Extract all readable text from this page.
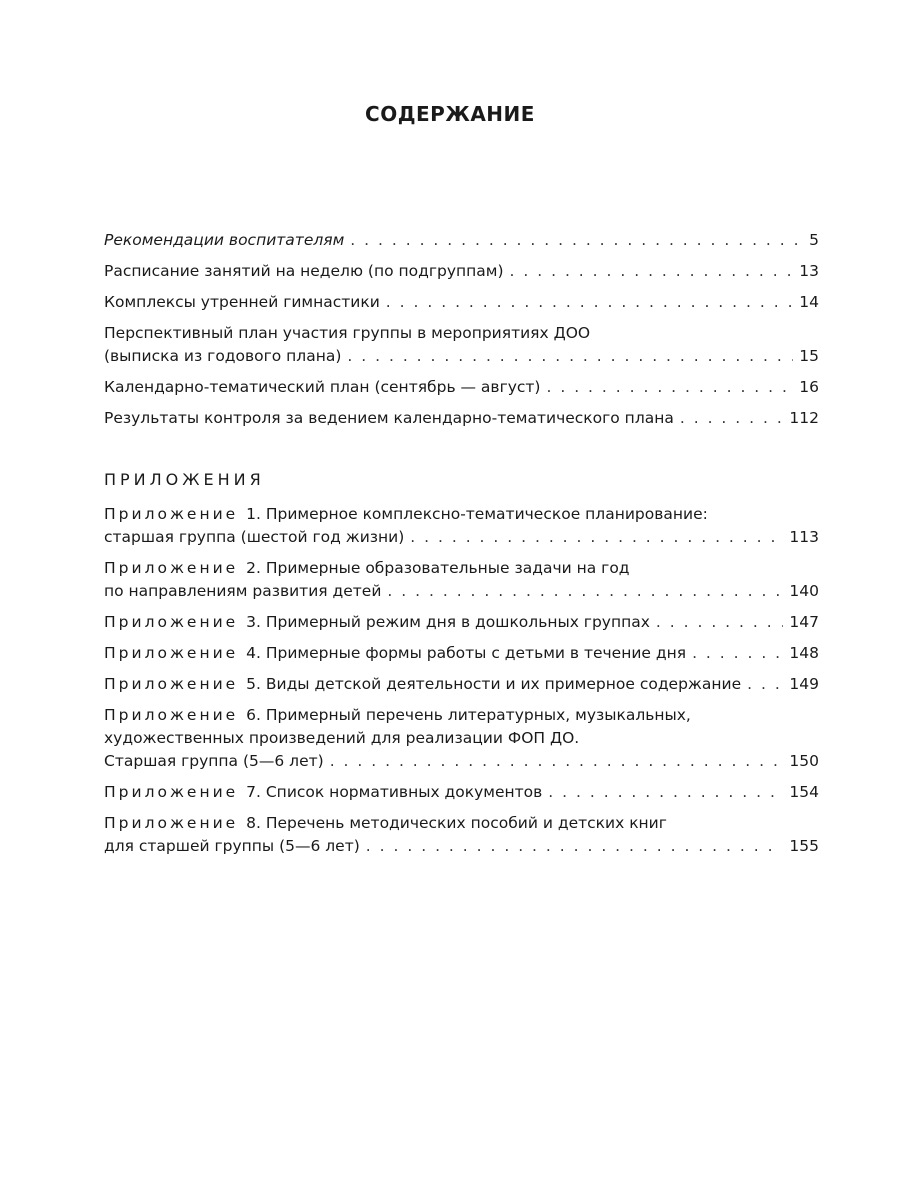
СОДЕРЖАНИЕ
Рекомендации воспитателям . . .	5
Расписание занятий на неделю (по подгруппам) . . .	13
Комплексы утренней гимнастики . . .	14
Перспективный план участия группы в мероприятиях ДОО
(выписка из годового плана) . . .	15
Календарно-тематический план (сентябрь — август) . . .	16
Результаты контроля за ведением календарно-тематического плана . . .	112
ПРИЛОЖЕНИЯ
Приложение 1. Примерное комплексно-тематическое планирование:
старшая группа (шестой год жизни) . . .	113
Приложение 2. Примерные образовательные задачи на год
по направлениям развития детей . . .	140
Приложение 3. Примерный режим дня в дошкольных группах . . .	147
Приложение 4. Примерные формы работы с детьми в течение дня . . .	148
Приложение 5. Виды детской деятельности и их примерное содержание . . .	149
Приложение 6. Примерный перечень литературных, музыкальных,
художественных произведений для реализации ФОП ДО.
Старшая группа (5—6 лет) . . .	150
Приложение 7. Список нормативных документов . . .	154
Приложение 8. Перечень методических пособий и детских книг
для старшей группы (5—6 лет) . . .	155
